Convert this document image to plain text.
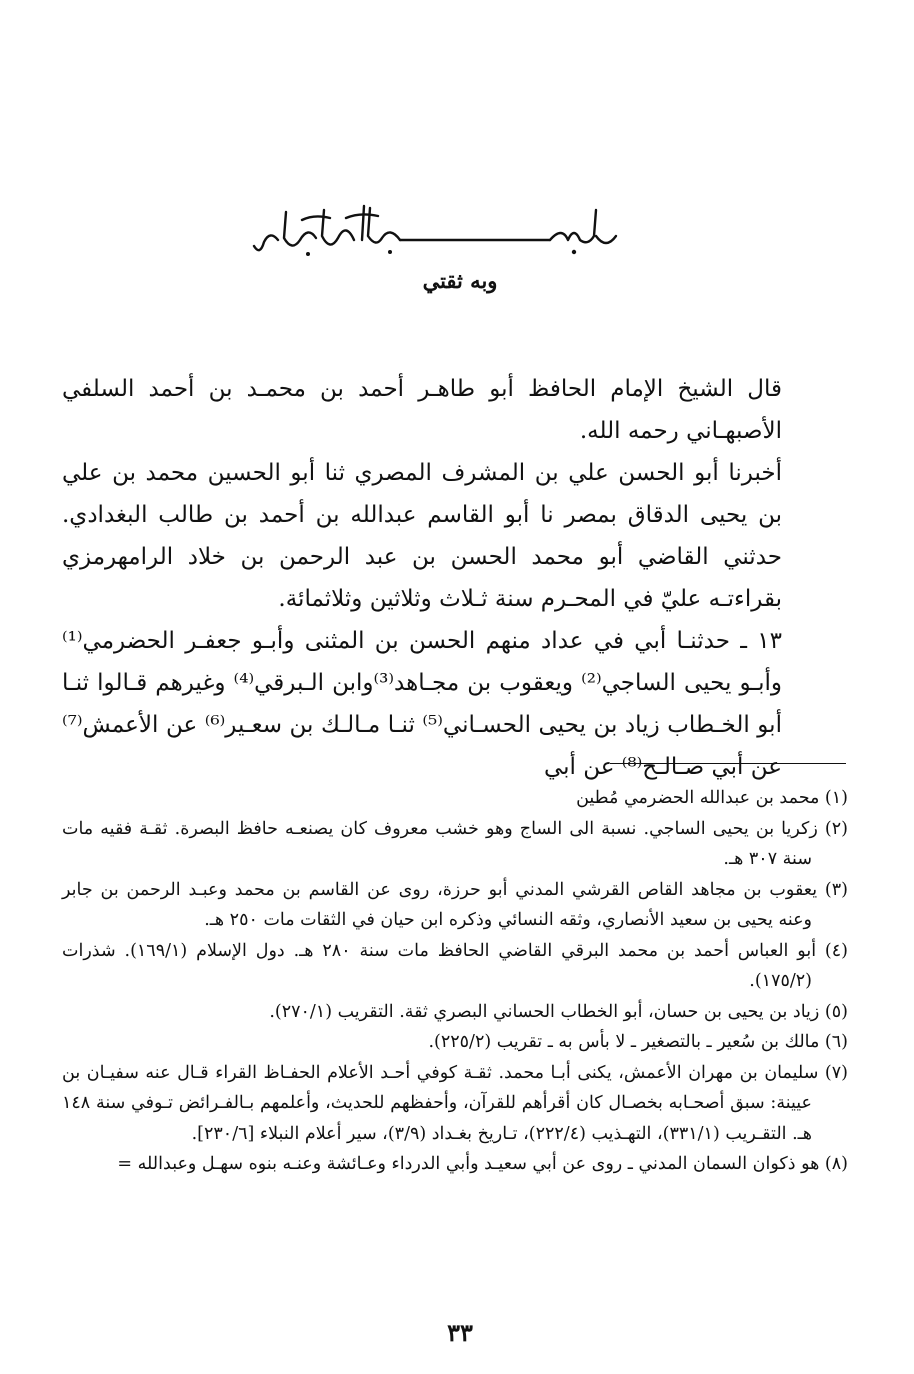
وبه ثقتي

قال الشيخ الإمام الحافظ أبو طاهـر أحمد بن محمـد بن أحمد السلفي الأصبهـاني رحمه الله.

أخبرنا أبو الحسن علي بن المشرف المصري ثنا أبو الحسين محمد بن علي بن يحيى الدقاق بمصر نا أبو القاسم عبدالله بن أحمد بن طالب البغدادي. حدثني القاضي أبو محمد الحسن بن عبد الرحمن بن خلاد الرامهرمزي بقراءتـه عليّ في المحـرم سنة ثـلاث وثلاثين وثلاثمائة.

١٣ ـ حدثنـا أبي في عداد منهم الحسن بن المثنى وأبـو جعفـر الحضرمي⁽¹⁾ وأبـو يحيى الساجي⁽²⁾ ويعقوب بن مجـاهد⁽³⁾وابن الـبرقي⁽⁴⁾ وغيرهم قـالوا ثنـا أبو الخـطاب زياد بن يحيى الحسـاني⁽⁵⁾ ثنـا مـالـك بن سعـير⁽⁶⁾ عن الأعمش⁽⁷⁾ عن أبي صـالـح⁽⁸⁾ عن أبي

(١) محمد بن عبدالله الحضرمي مُطين

(٢) زكريا بن يحيى الساجي. نسبة الى الساج وهو خشب معروف كان يصنعـه حافظ البصرة. ثقـة فقيه مات سنة ٣٠٧ هـ.

(٣) يعقوب بن مجاهد القاص القرشي المدني أبو حرزة، روى عن القاسم بن محمد وعبـد الرحمن بن جابر وعنه يحيى بن سعيد الأنصاري، وثقه النسائي وذكره ابن حيان في الثقات مات ٢٥٠ هـ.

(٤) أبو العباس أحمد بن محمد البرقي القاضي الحافظ مات سنة ٢٨٠ هـ. دول الإسلام (١٦٩/١). شذرات (١٧٥/٢).

(٥) زياد بن يحيى بن حسان، أبو الخطاب الحساني البصري ثقة. التقريب (٢٧٠/١).

(٦) مالك بن سُعير ـ بالتصغير ـ لا بأس به ـ تقريب (٢٢٥/٢).

(٧) سليمان بن مهران الأعمش، يكنى أبـا محمد. ثقـة كوفي أحـد الأعلام الحفـاظ القراء قـال عنه سفيـان بن عيينة: سبق أصحـابه بخصـال كان أقرأهم للقرآن، وأحفظهم للحديث، وأعلمهم بـالفـرائض تـوفي سنة ١٤٨ هـ. التقـريب (٣٣١/١)، التهـذيب (٢٢٢/٤)، تـاريخ بغـداد (٣/٩)، سير أعلام النبلاء [٢٣٠/٦].

(٨) هو ذكوان السمان المدني ـ روى عن أبي سعيـد وأبي الدرداء وعـائشة وعنـه بنوه سهـل وعبدالله =

٣٣
